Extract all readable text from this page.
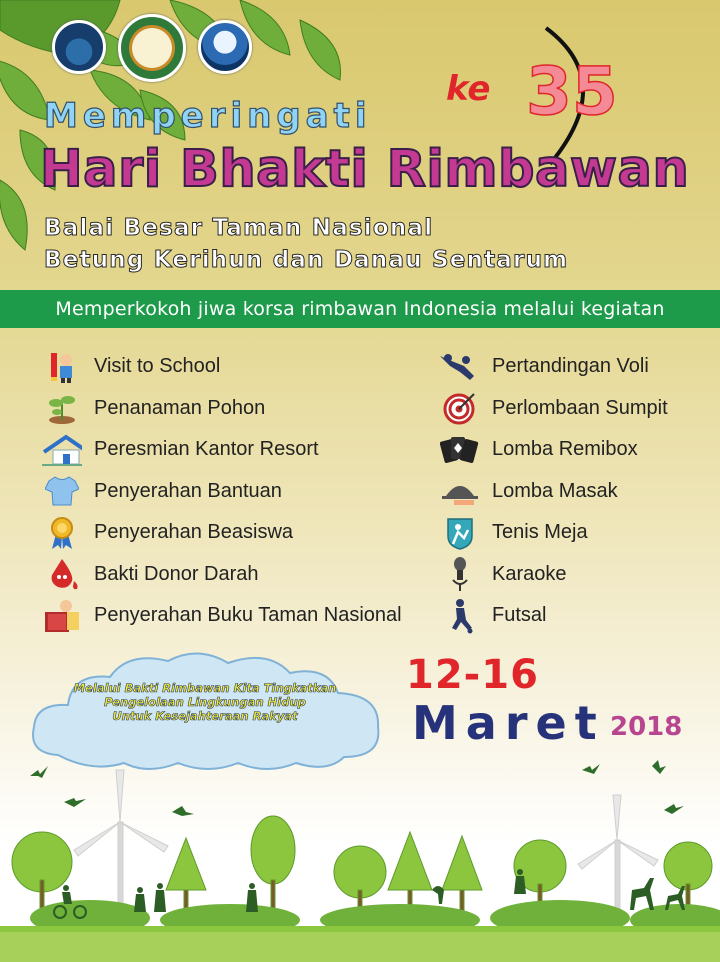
ke 35
Memperingati
Hari Bhakti Rimbawan
Balai Besar Taman Nasional
Betung Kerihun dan Danau Sentarum
Memperkokoh jiwa korsa rimbawan Indonesia melalui kegiatan
Visit to School
Penanaman Pohon
Peresmian Kantor Resort
Penyerahan Bantuan
Penyerahan Beasiswa
Bakti Donor Darah
Penyerahan Buku Taman Nasional
Pertandingan Voli
Perlombaan Sumpit
Lomba Remibox
Lomba Masak
Tenis Meja
Karaoke
Futsal
Melalui Bakti Rimbawan Kita Tingkatkan
Pengelolaan Lingkungan Hidup
Untuk Kesejahteraan Rakyat
12-16
Maret 2018
